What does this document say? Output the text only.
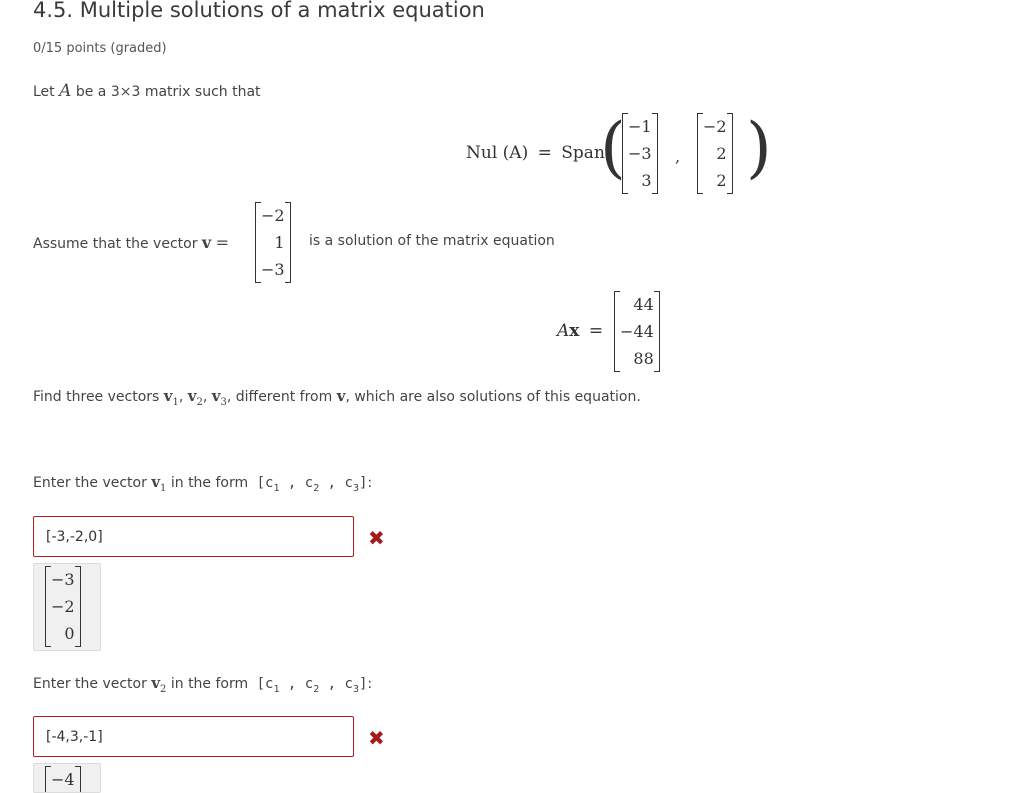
4.5. Multiple solutions of a matrix equation
0/15 points (graded)
Let A be a 3×3 matrix such that
Nul (A) = Span
( −1
−3
3
,
−2
2
2 )
Assume that the vector v =
−2
1
−3
is a solution of the matrix equation
Ax =
44
−44
88
Find three vectors $v_1$, $v_2$, $v_3$, different from v, which are also solutions of this equation.
Enter the vector $v_1$ in the form [$c_1$ , $c_2$ , $c_3$]:
[-3,-2,0]
✖
−3
−2
0
Enter the vector $v_2$ in the form [$c_1$ , $c_2$ , $c_3$]:
[-4,3,-1]
✖
−4
